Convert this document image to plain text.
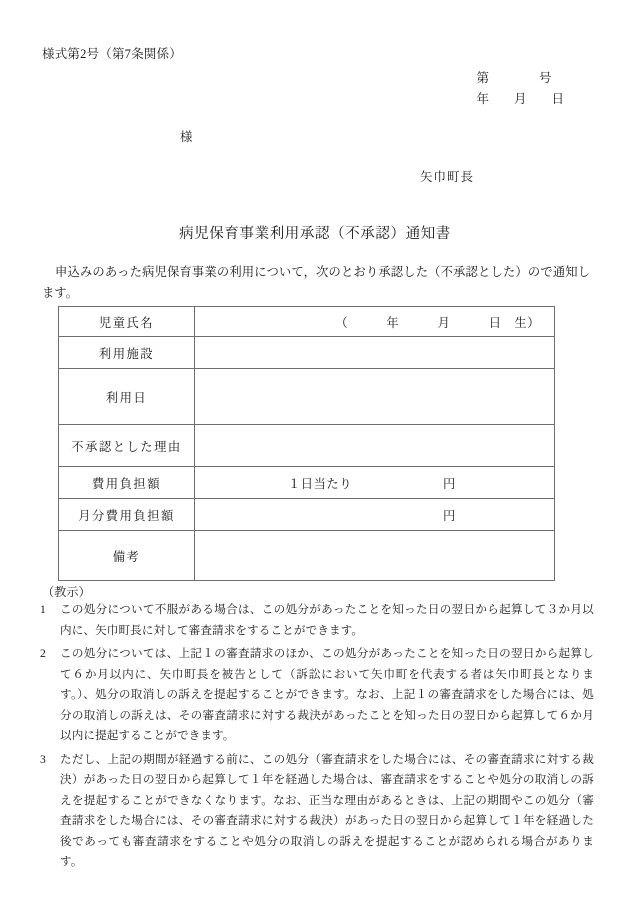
様式第2号（第7条関係）
第　　　　号
年　　月　　日
様
矢巾町長
病児保育事業利用承認（不承認）通知書
申込みのあった病児保育事業の利用について，次のとおり承認した（不承認とした）ので通知します。
児童氏名	（　　　年　　　月　　　日　生）

利用施設	
利用日	
不承認とした理由	
費用負担額	１日当たり 円

月分費用負担額	円

備考	
（教示）
1	この処分について不服がある場合は、この処分があったことを知った日の翌日から起算して３か月以内に、矢巾町長に対して審査請求をすることができます。
2	この処分については、上記１の審査請求のほか、この処分があったことを知った日の翌日から起算して６か月以内に、矢巾町長を被告として（訴訟において矢巾町を代表する者は矢巾町長となります。）、処分の取消しの訴えを提起することができます。なお、上記１の審査請求をした場合には、処分の取消しの訴えは、その審査請求に対する裁決があったことを知った日の翌日から起算して６か月以内に提起することができます。
3	ただし、上記の期間が経過する前に、この処分（審査請求をした場合には、その審査請求に対する裁決）があった日の翌日から起算して１年を経過した場合は、審査請求をすることや処分の取消しの訴えを提起することができなくなります。なお、正当な理由があるときは、上記の期間やこの処分（審査請求をした場合には、その審査請求に対する裁決）があった日の翌日から起算して１年を経過した後であっても審査請求をすることや処分の取消しの訴えを提起することが認められる場合があります。
